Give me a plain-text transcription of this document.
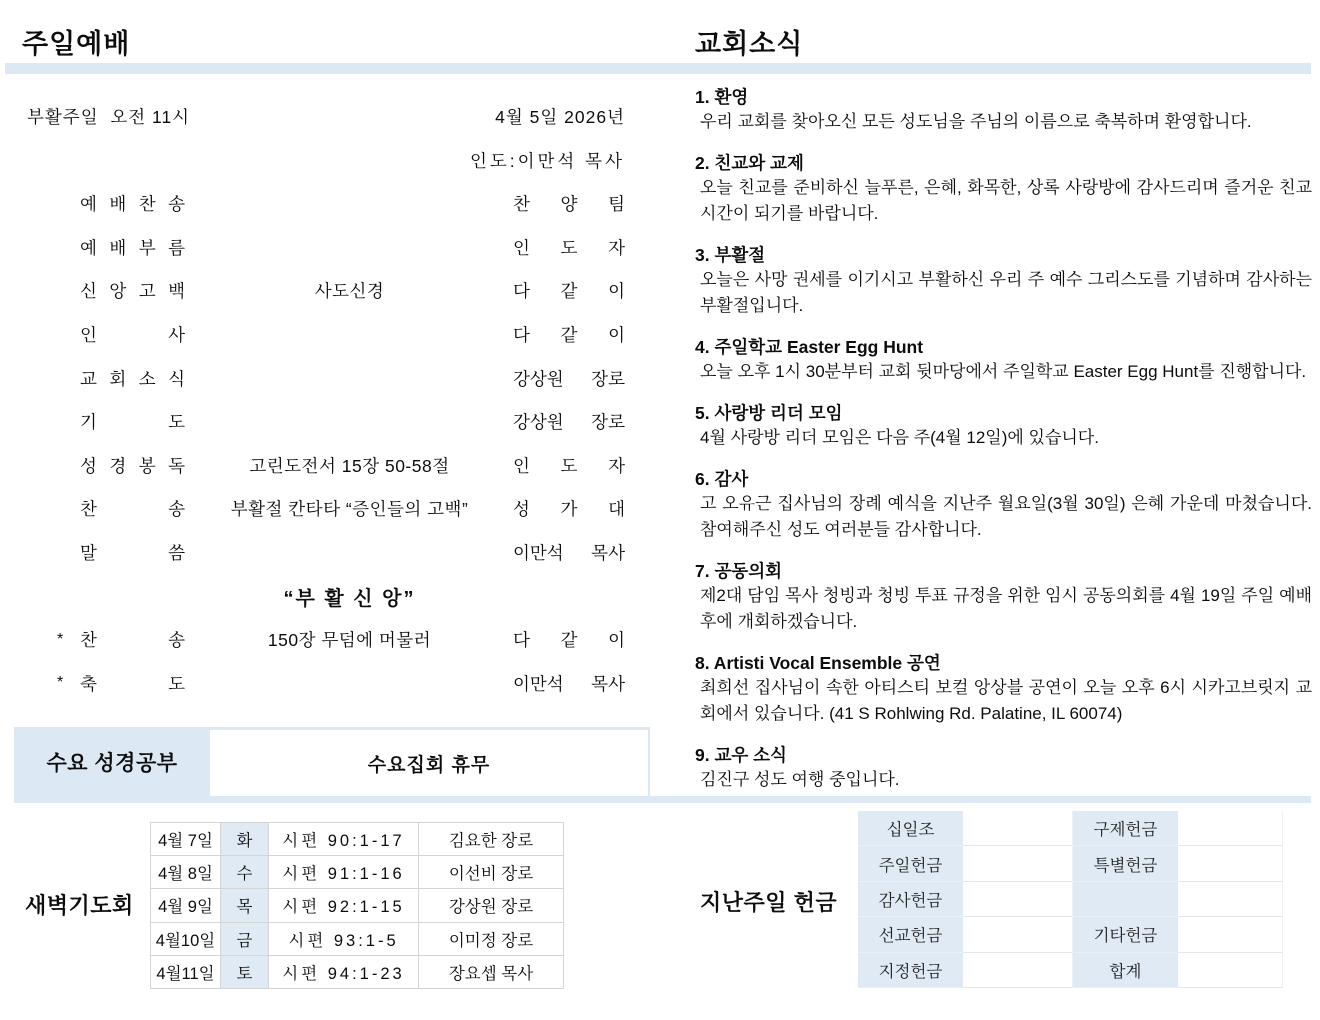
주일예배	교회소식
부활주일  오전 11시	4월 5일 2026년
인도:이만석 목사
예 배 찬 송	찬 양 팀
예 배 부 름	인 도 자
신 앙 고 백	사도신경	다 같 이
인 사	다 같 이
교 회 소 식	강상원 장로
기 도	강상원 장로
성 경 봉 독	고린도전서 15장 50-58절	인 도 자
찬 송	부활절 칸타타 “증인들의 고백”	성 가 대
말 씀	이만석 목사
“부 활 신 앙”
* 찬 송	150장 무덤에 머물러	다 같 이
* 축 도	이만석 목사
수요 성경공부	수요집회 휴무
새벽기도회
4월 7일	화	시편 90:1-17	김요한 장로
4월 8일	수	시편 91:1-16	이선비 장로
4월 9일	목	시편 92:1-15	강상원 장로
4월10일	금	시편 93:1-5	이미정 장로
4월11일	토	시편 94:1-23	장요셉 목사
1. 환영
우리 교회를 찾아오신 모든 성도님을 주님의 이름으로 축복하며 환영합니다.
2. 친교와 교제
오늘 친교를 준비하신 늘푸른, 은혜, 화목한, 상록 사랑방에 감사드리며 즐거운 친교 시간이 되기를 바랍니다.
3. 부활절
오늘은 사망 권세를 이기시고 부활하신 우리 주 예수 그리스도를 기념하며 감사하는 부활절입니다.
4. 주일학교 Easter Egg Hunt
오늘 오후 1시 30분부터 교회 뒷마당에서 주일학교 Easter Egg Hunt를 진행합니다.
5. 사랑방 리더 모임
4월 사랑방 리더 모임은 다음 주(4월 12일)에 있습니다.
6. 감사
고 오유근 집사님의 장례 예식을 지난주 월요일(3월 30일) 은혜 가운데 마쳤습니다. 참여해주신 성도 여러분들 감사합니다.
7. 공동의회
제2대 담임 목사 청빙과 청빙 투표 규정을 위한 임시 공동의회를 4월 19일 주일 예배 후에 개회하겠습니다.
8. Artisti Vocal Ensemble 공연
최희선 집사님이 속한 아티스티 보컬 앙상블 공연이 오늘 오후 6시 시카고브릿지 교회에서 있습니다. (41 S Rohlwing Rd. Palatine, IL 60074)
9. 교우 소식
김진구 성도 여행 중입니다.
지난주일 헌금
십일조	구제헌금
주일헌금	특별헌금
감사헌금
선교헌금	기타헌금
지정헌금	합계
